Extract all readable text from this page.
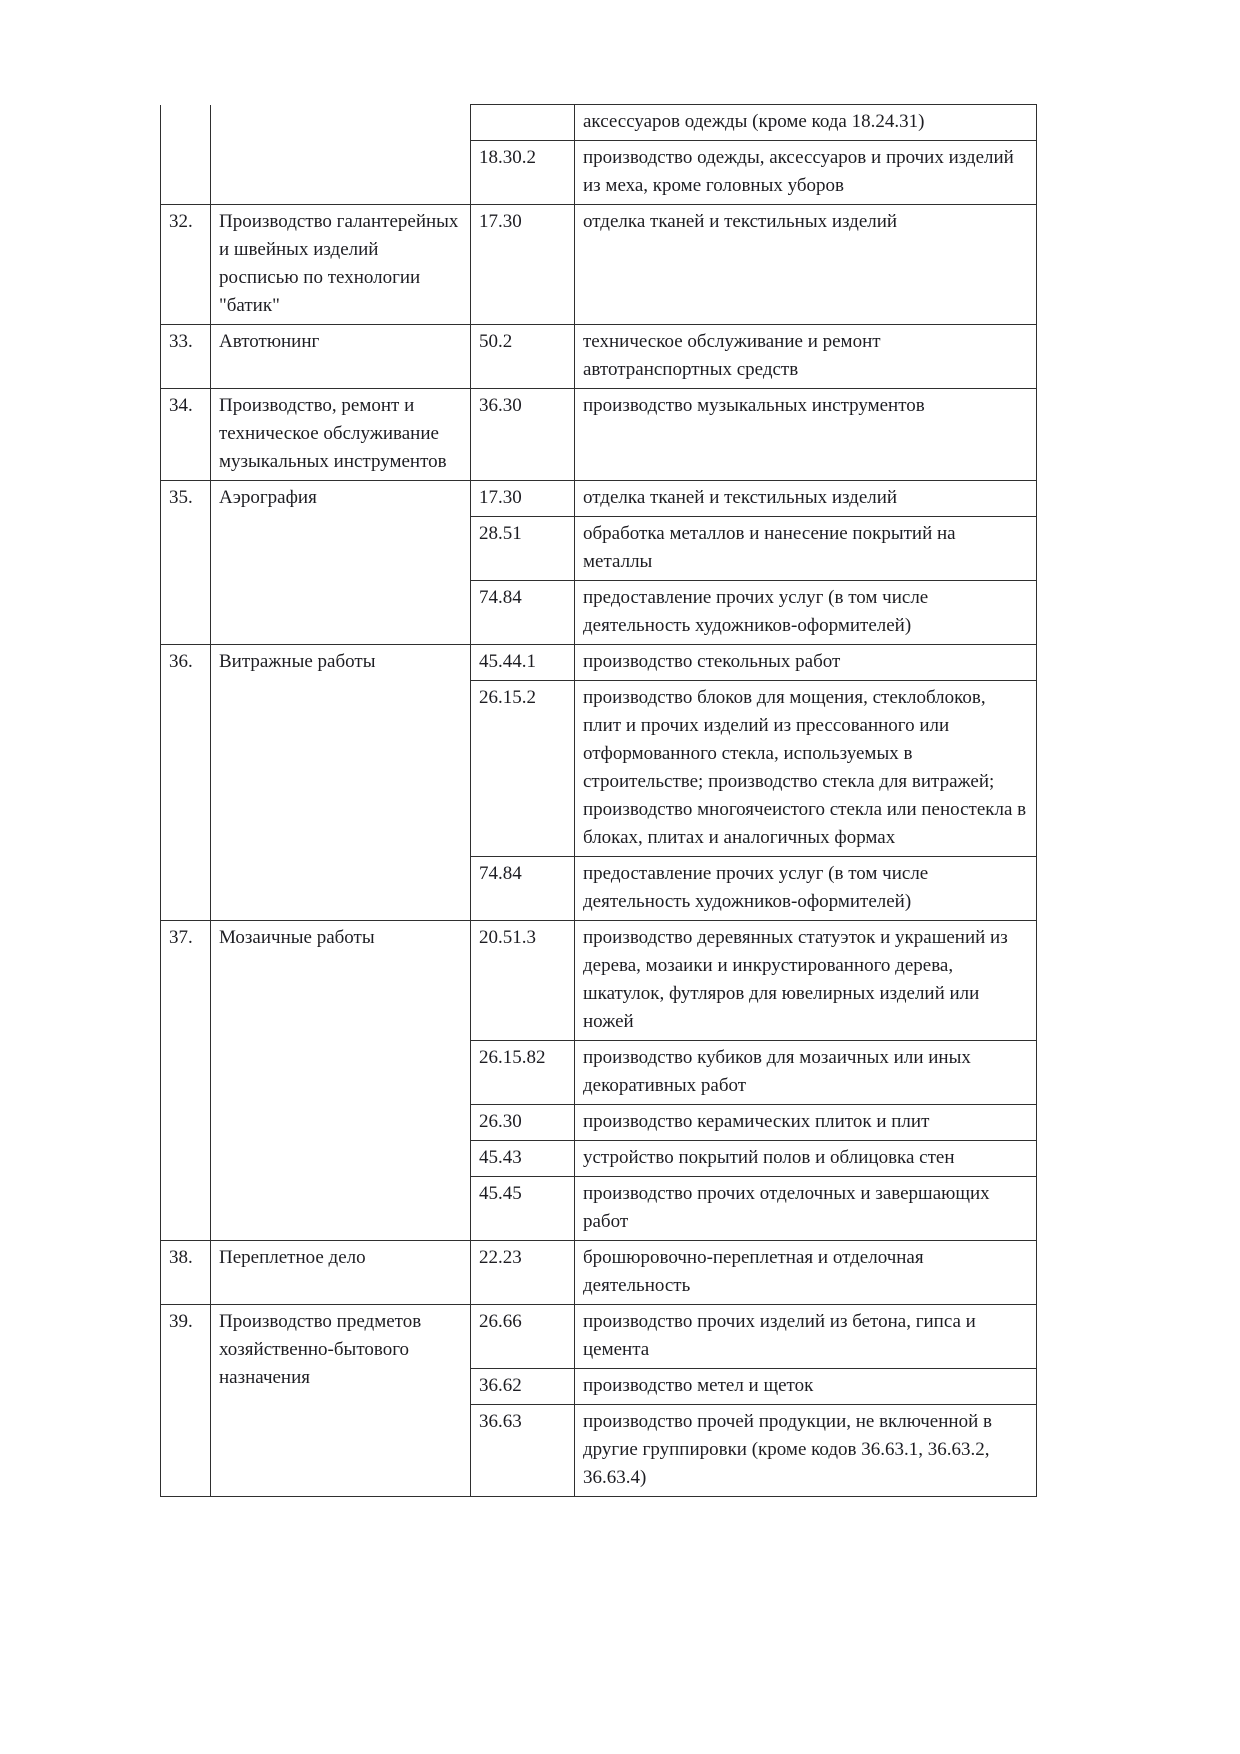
			аксессуаров одежды (кроме кода 18.24.31)
		18.30.2	производство одежды, аксессуаров и прочих изделий из меха, кроме головных уборов
32.	Производство галантерейных и швейных изделий росписью по технологии "батик"	17.30	отделка тканей и текстильных изделий
33.	Автотюнинг	50.2	техническое обслуживание и ремонт автотранспортных средств
34.	Производство, ремонт и техническое обслуживание музыкальных инструментов	36.30	производство музыкальных инструментов
35.	Аэрография	17.30	отделка тканей и текстильных изделий
		28.51	обработка металлов и нанесение покрытий на металлы
		74.84	предоставление прочих услуг (в том числе деятельность художников-оформителей)
36.	Витражные работы	45.44.1	производство стекольных работ
		26.15.2	производство блоков для мощения, стеклоблоков, плит и прочих изделий из прессованного или отформованного стекла, используемых в строительстве; производство стекла для витражей; производство многоячеистого стекла или пеностекла в блоках, плитах и аналогичных формах
		74.84	предоставление прочих услуг (в том числе деятельность художников-оформителей)
37.	Мозаичные работы	20.51.3	производство деревянных статуэток и украшений из дерева, мозаики и инкрустированного дерева, шкатулок, футляров для ювелирных изделий или ножей
		26.15.82	производство кубиков для мозаичных или иных декоративных работ
		26.30	производство керамических плиток и плит
		45.43	устройство покрытий полов и облицовка стен
		45.45	производство прочих отделочных и завершающих работ
38.	Переплетное дело	22.23	брошюровочно-переплетная и отделочная деятельность
39.	Производство предметов хозяйственно-бытового назначения	26.66	производство прочих изделий из бетона, гипса и цемента
		36.62	производство метел и щеток
		36.63	производство прочей продукции, не включенной в другие группировки (кроме кодов 36.63.1, 36.63.2, 36.63.4)
